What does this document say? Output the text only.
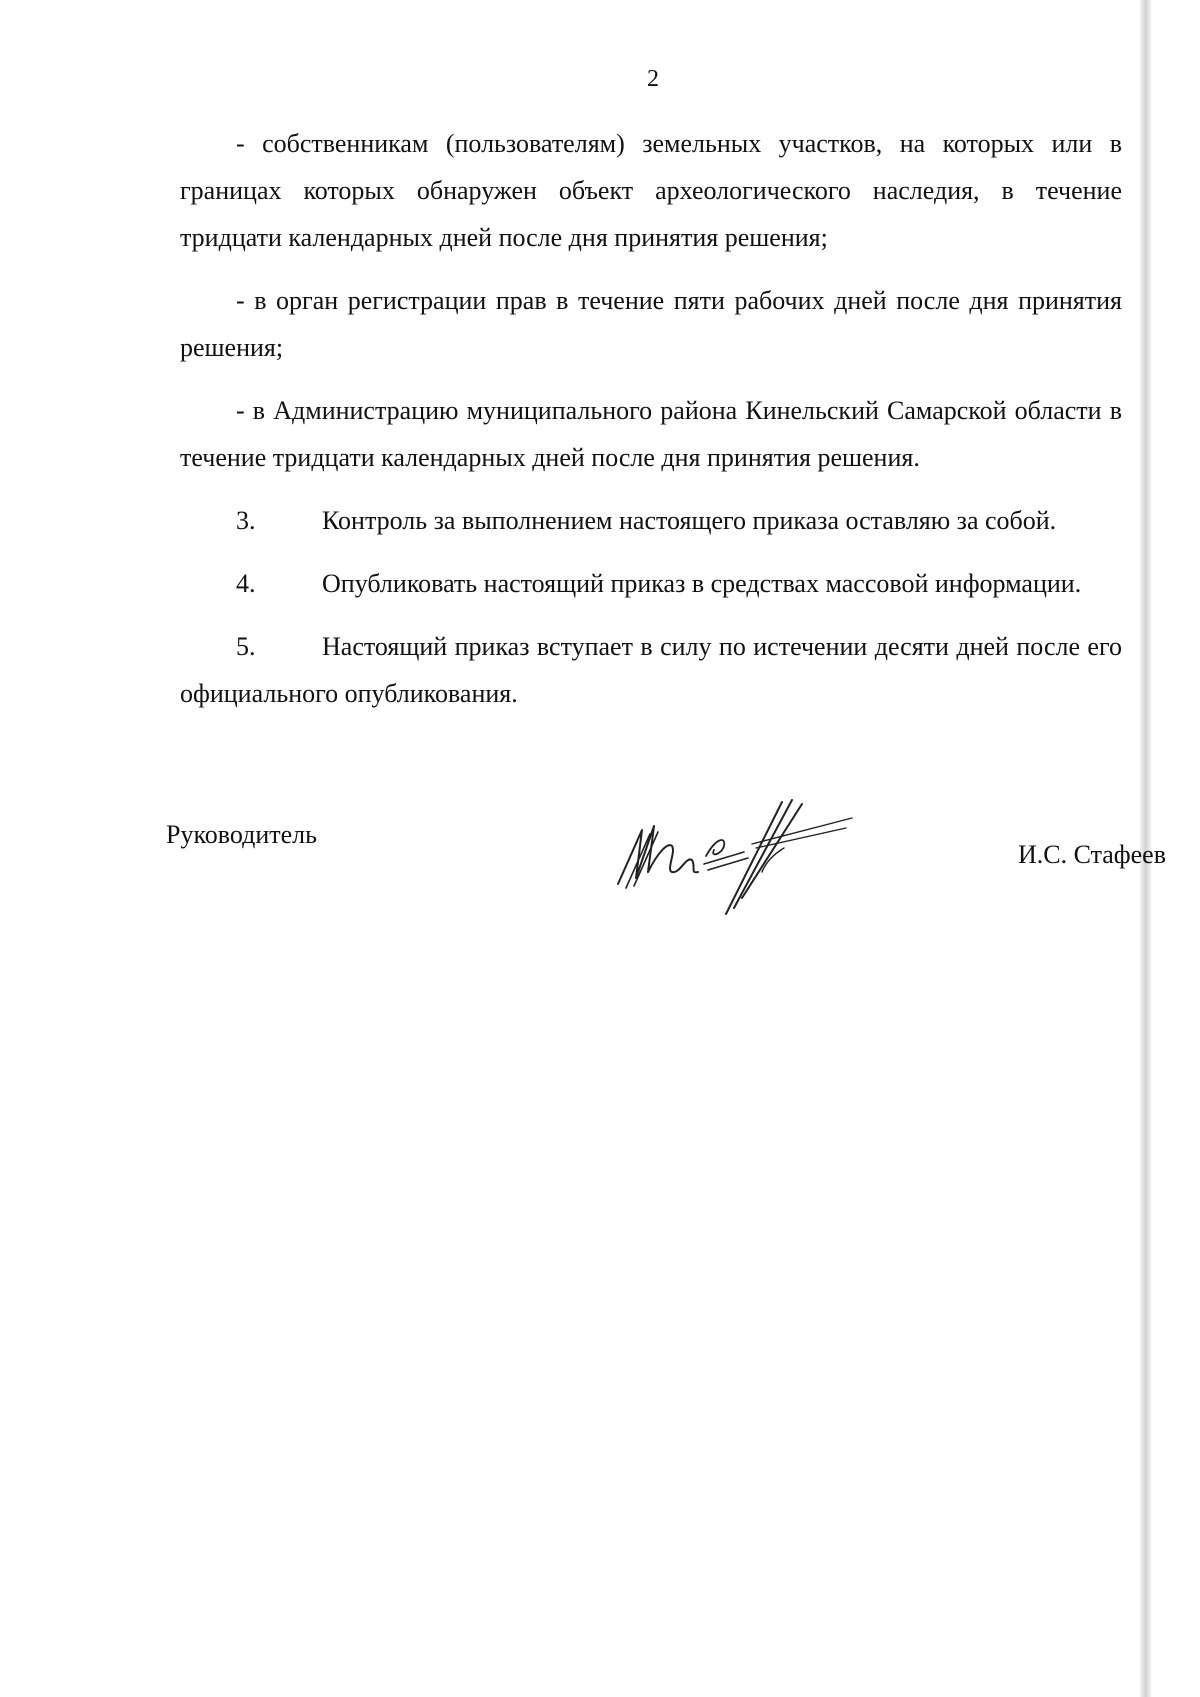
2

- собственникам (пользователям) земельных участков, на которых или в границах которых обнаружен объект археологического наследия, в течение тридцати календарных дней после дня принятия решения;

- в орган регистрации прав в течение пяти рабочих дней после дня принятия решения;

- в Администрацию муниципального района Кинельский Самарской области в течение тридцати календарных дней после дня принятия решения.

3.	Контроль за выполнением настоящего приказа оставляю за собой.

4.	Опубликовать настоящий приказ в средствах массовой информации.

5.	Настоящий приказ вступает в силу по истечении десяти дней после его официального опубликования.

Руководитель
И.С. Стафеев
